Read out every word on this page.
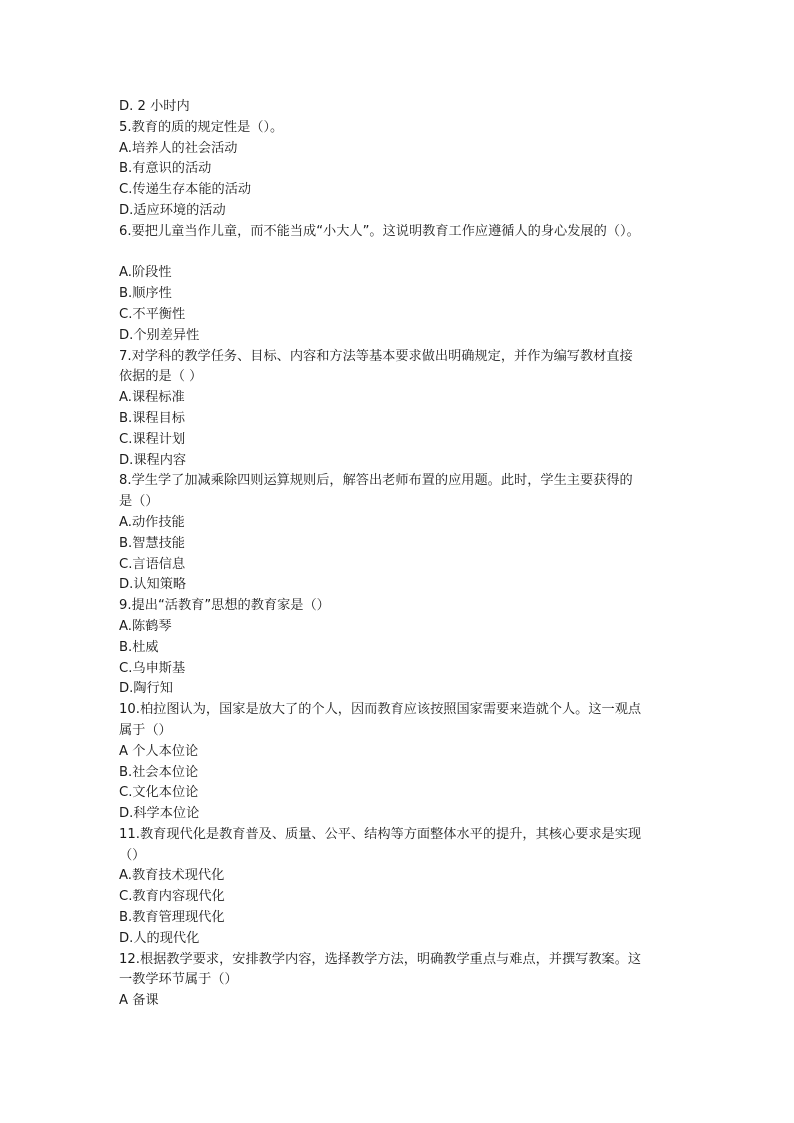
D. 2 小时内
5.教育的质的规定性是（）。
A.培养人的社会活动
B.有意识的活动
C.传递生存本能的活动
D.适应环境的活动
6.要把儿童当作儿童，而不能当成“小大人”。这说明教育工作应遵循人的身心发展的（）。
A.阶段性
B.顺序性
C.不平衡性
D.个别差异性
7.对学科的教学任务、目标、内容和方法等基本要求做出明确规定，并作为编写教材直接
依据的是（ ）
A.课程标准
B.课程目标
C.课程计划
D.课程内容
8.学生学了加减乘除四则运算规则后，解答出老师布置的应用题。此时，学生主要获得的
是（）
A.动作技能
B.智慧技能
C.言语信息
D.认知策略
9.提出“活教育”思想的教育家是（）
A.陈鹤琴
B.杜威
C.乌申斯基
D.陶行知
10.柏拉图认为，国家是放大了的个人，因而教育应该按照国家需要来造就个人。这一观点
属于（）
A 个人本位论
B.社会本位论
C.文化本位论
D.科学本位论
11.教育现代化是教育普及、质量、公平、结构等方面整体水平的提升，其核心要求是实现
（）
A.教育技术现代化
C.教育内容现代化
B.教育管理现代化
D.人的现代化
12.根据教学要求，安排教学内容，选择教学方法，明确教学重点与难点，并撰写教案。这
一教学环节属于（）
A 备课
